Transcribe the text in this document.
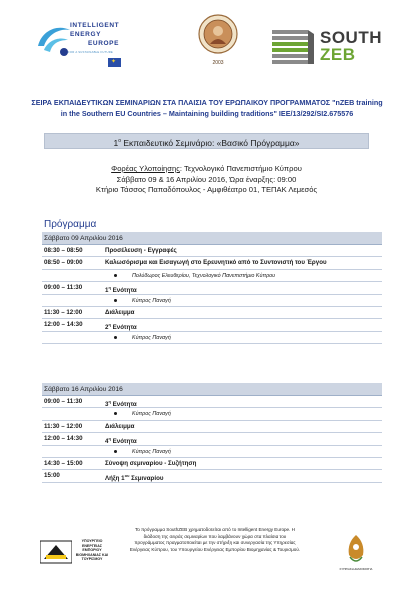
INTELLIGENT
ENERGY
EUROPE
FOR A SUSTAINABLE FUTURE
✦	2003
SOUTH
ZEB
ΣΕΙΡΑ ΕΚΠΑΙΔΕΥΤΙΚΩΝ ΣΕΜΙΝΑΡΙΩΝ ΣΤΑ ΠΛΑΙΣΙΑ ΤΟΥ ΕΡΩΠΑΙΚΟΥ ΠΡΟΓΡΑΜΜΑΤΟΣ "nZEB training in the Southern EU Countries – Maintaining building traditions" IEE/13/292/SI2.675576
$1^o$ Εκπαιδευτικό Σεμινάριο: «Βασικό Πρόγραμμα»
Φορέας Υλοποίησης: Τεχνολογικό Πανεπιστήμιο Κύπρου
Σάββατο 09 & 16 Απριλίου 2016, Ώρα έναρξης: 09:00
Κτήριο Τάσσος Παπαδόπουλος - Αμφιθέατρο 01, ΤΕΠΑΚ Λεμεσός
Πρόγραμμα
Σάββατο 09 Απριλίου 2016
08:30 – 08:50	Προσέλευση - Εγγραφές
08:50 – 09:00	Καλωσόρισμα και Εισαγωγή στο Ερευνητικό από το Συντονιστή του Έργου
Πολύδωρος Ελευθερίου, Τεχνολογικό Πανεπιστήμιο Κύπρου
09:00 – 11:30	$1^\eta$ Ενότητα
Κύπρος Παναγή
11:30 – 12:00	Διάλειμμα
12:00 – 14:30	$2^\eta$ Ενότητα
Κύπρος Παναγή
Σάββατο 16 Απριλίου 2016
09:00 – 11:30	$3^\eta$ Ενότητα
Κύπρος Παναγή
11:30 – 12:00	Διάλειμμα
12:00 – 14:30	$4^\eta$ Ενότητα
Κύπρος Παναγή
14:30 – 15:00	Σύνοψη σεμιναρίου - Συζήτηση
15:00	Λήξη $1^{o\upsilon}$ Σεμιναρίου
Το πρόγραμμα SouthZEB χρηματοδοτείται από το Intelligent Energy Europe. Η διάδοση της σειράς σεμιναρίων που λαμβάνουν χώρα στα πλαίσια του προγράμματος πραγματοποιείται με την στήριξη και συνεργασία της Υπηρεσίας Ενέργειας Κύπρου, του Υπουργείου Ενέργειας Εμπορίου Βιομηχανίας & Τουρισμού.
ΥΠΟΥΡΓΕΙΟ ΕΝΕΡΓΕΙΑΣ ΕΜΠΟΡΙΟΥ ΒΙΟΜΗΧΑΝΙΑΣ ΚΑΙ ΤΟΥΡΙΣΜΟΥ
ΚΥΠΡΙΑΚΗ ΔΗΜΟΚΡΑΤΙΑ
